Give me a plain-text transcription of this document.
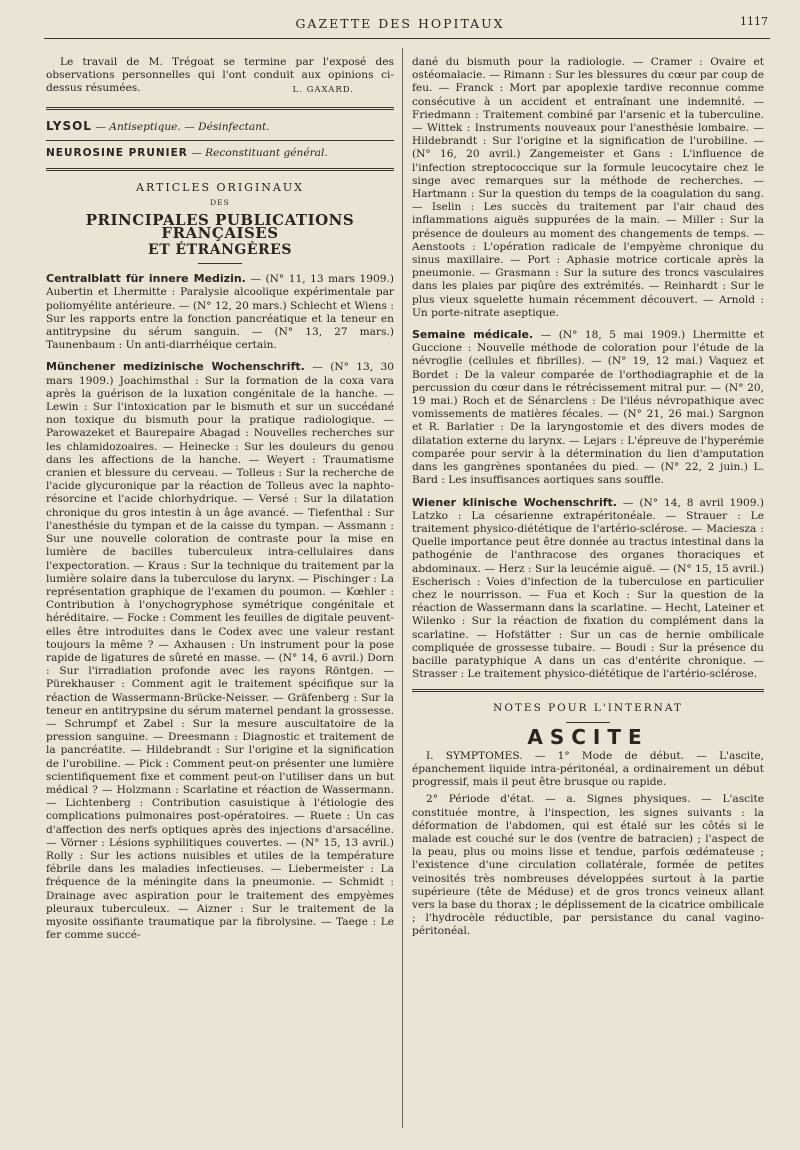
GAZETTE DES HOPITAUX	1117

Le travail de M. Trégoat se termine par l'exposé des observations personnelles qui l'ont conduit aux opinions ci-dessus résumées.	L. GAXARD.

LYSOL — Antiseptique. — Désinfectant.

NEUROSINE PRUNIER — Reconstituant général.

ARTICLES ORIGINAUX
DES
PRINCIPALES PUBLICATIONS FRANÇAISES
ET ÉTRANGÈRES

Centralblatt für innere Medizin. — (N° 11, 13 mars 1909.) Aubertin et Lhermitte : Paralysie alcoolique expérimentale par poliomyélite antérieure. — (N° 12, 20 mars.) Schlecht et Wiens : Sur les rapports entre la fonction pancréatique et la teneur en antitrypsine du sérum sanguin. — (N° 13, 27 mars.) Taunenbaum : Un anti-diarrhéique certain.

Münchener medizinische Wochenschrift. — (N° 13, 30 mars 1909.) Joachimsthal : Sur la formation de la coxa vara après la guérison de la luxation congénitale de la hanche. — Lewin : Sur l'intoxication par le bismuth et sur un succédané non toxique du bismuth pour la pratique radiologique. — Parowazeket et Baurepaire Abagad : Nouvelles recherches sur les chlamidozoaires. — Heinecke : Sur les douleurs du genou dans les affections de la hanche. — Weyert : Traumatisme cranien et blessure du cerveau. — Tolleus : Sur la recherche de l'acide glycuronique par la réaction de Tolleus avec la naphto-résorcine et l'acide chlorhydrique. — Versé : Sur la dilatation chronique du gros intestin à un âge avancé. — Tiefenthal : Sur l'anesthésie du tympan et de la caisse du tympan. — Assmann : Sur une nouvelle coloration de contraste pour la mise en lumière de bacilles tuberculeux intra-cellulaires dans l'expectoration. — Kraus : Sur la technique du traitement par la lumière solaire dans la tuberculose du larynx. — Pischinger : La représentation graphique de l'examen du poumon. — Kœhler : Contribution à l'onychogryphose symétrique congénitale et héréditaire. — Focke : Comment les feuilles de digitale peuvent-elles être introduites dans le Codex avec une valeur restant toujours la même ? — Axhausen : Un instrument pour la pose rapide de ligatures de sûreté en masse. — (N° 14, 6 avril.) Dorn : Sur l'irradiation profonde avec les rayons Röntgen. — Pürekhauser : Comment agit le traitement spécifique sur la réaction de Wassermann-Brücke-Neisser. — Gräfenberg : Sur la teneur en antitrypsine du sérum maternel pendant la grossesse. — Schrumpf et Zabel : Sur la mesure auscultatoire de la pression sanguine. — Dreesmann : Diagnostic et traitement de la pancréatite. — Hildebrandt : Sur l'origine et la signification de l'urobiline. — Pick : Comment peut-on présenter une lumière scientifiquement fixe et comment peut-on l'utiliser dans un but médical ? — Holzmann : Scarlatine et réaction de Wassermann. — Lichtenberg : Contribution casuistique à l'étiologie des complications pulmonaires post-opératoires. — Ruete : Un cas d'affection des nerfs optiques après des injections d'arsacéline. — Vörner : Lésions syphilitiques couvertes. — (N° 15, 13 avril.) Rolly : Sur les actions nuisibles et utiles de la température fébrile dans les maladies infectieuses. — Liebermeister : La fréquence de la méningite dans la pneumonie. — Schmidt : Drainage avec aspiration pour le traitement des empyèmes pleuraux tuberculeux. — Aizner : Sur le traitement de la myosite ossifiante traumatique par la fibrolysine. — Taege : Le fer comme succé-

dané du bismuth pour la radiologie. — Cramer : Ovaire et ostéomalacie. — Rimann : Sur les blessures du cœur par coup de feu. — Franck : Mort par apoplexie tardive reconnue comme consécutive à un accident et entraînant une indemnité. — Friedmann : Traitement combiné par l'arsenic et la tuberculine. — Wittek : Instruments nouveaux pour l'anesthésie lombaire. — Hildebrandt : Sur l'origine et la signification de l'urobiline. — (N° 16, 20 avril.) Zangemeister et Gans : L'influence de l'infection streptococcique sur la formule leucocytaire chez le singe avec remarques sur la méthode de recherches. — Hartmann : Sur la question du temps de la coagulation du sang. — Iselin : Les succès du traitement par l'air chaud des inflammations aiguës suppurées de la main. — Miller : Sur la présence de douleurs au moment des changements de temps. — Aenstoots : L'opération radicale de l'empyème chronique du sinus maxillaire. — Port : Aphasie motrice corticale après la pneumonie. — Grasmann : Sur la suture des troncs vasculaires dans les plaies par piqûre des extrémités. — Reinhardt : Sur le plus vieux squelette humain récemment découvert. — Arnold : Un porte-nitrate aseptique.

Semaine médicale. — (N° 18, 5 mai 1909.) Lhermitte et Guccione : Nouvelle méthode de coloration pour l'étude de la névroglie (cellules et fibrilles). — (N° 19, 12 mai.) Vaquez et Bordet : De la valeur comparée de l'orthodiagraphie et de la percussion du cœur dans le rétrécissement mitral pur. — (N° 20, 19 mai.) Roch et de Sénarclens : De l'iléus névropathique avec vomissements de matières fécales. — (N° 21, 26 mai.) Sargnon et R. Barlatier : De la laryngostomie et des divers modes de dilatation externe du larynx. — Lejars : L'épreuve de l'hyperémie comparée pour servir à la détermination du lien d'amputation dans les gangrènes spontanées du pied. — (N° 22, 2 juin.) L. Bard : Les insuffisances aortiques sans souffle.

Wiener klinische Wochenschrift. — (N° 14, 8 avril 1909.) Latzko : La césarienne extrapéritonéale. — Strauer : Le traitement physico-diététique de l'artério-sclérose. — Maciesza : Quelle importance peut être donnée au tractus intestinal dans la pathogénie de l'anthracose des organes thoraciques et abdominaux. — Herz : Sur la leucémie aiguë. — (N° 15, 15 avril.) Escherisch : Voies d'infection de la tuberculose en particulier chez le nourrisson. — Fua et Koch : Sur la question de la réaction de Wassermann dans la scarlatine. — Hecht, Lateiner et Wilenko : Sur la réaction de fixation du complément dans la scarlatine. — Hofstätter : Sur un cas de hernie ombilicale compliquée de grossesse tubaire. — Boudi : Sur la présence du bacille paratyphique A dans un cas d'entérite chronique. — Strasser : Le traitement physico-diététique de l'artério-sclérose.

NOTES POUR L'INTERNAT
ASCITE

I. SYMPTOMES. — 1° Mode de début. — L'ascite, épanchement liquide intra-péritonéal, a ordinairement un début progressif, mais il peut être brusque ou rapide.

2° Période d'état. — a. Signes physiques. — L'ascite constituée montre, à l'inspection, les signes suivants : la déformation de l'abdomen, qui est étalé sur les côtés si le malade est couché sur le dos (ventre de batracien) ; l'aspect de la peau, plus ou moins lisse et tendue, parfois œdémateuse ; l'existence d'une circulation collatérale, formée de petites veinosités très nombreuses développées surtout à la partie supérieure (tête de Méduse) et de gros troncs veineux allant vers la base du thorax ; le déplissement de la cicatrice ombilicale ; l'hydrocèle réductible, par persistance du canal vagino-péritonéal.
